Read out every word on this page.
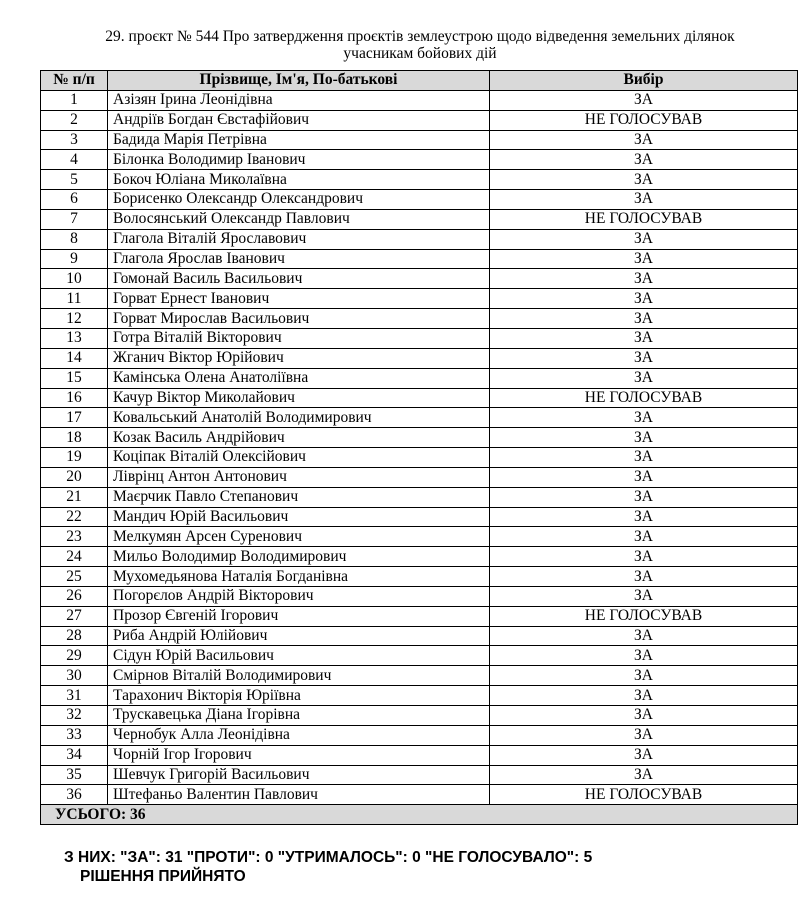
29. проєкт № 544 Про затвердження проєктів землеустрою щодо відведення земельних ділянок
учасникам бойових дій
№ п/п	Прізвище, Ім'я, По-батькові	Вибір
1	Азізян Ірина Леонідівна	ЗА
2	Андріїв Богдан Євстафійович	НЕ ГОЛОСУВАВ
3	Бадида Марія Петрівна	ЗА
4	Білонка Володимир Іванович	ЗА
5	Бокоч Юліана Миколаївна	ЗА
6	Борисенко Олександр Олександрович	ЗА
7	Волосянський Олександр Павлович	НЕ ГОЛОСУВАВ
8	Глагола Віталій Ярославович	ЗА
9	Глагола Ярослав Іванович	ЗА
10	Гомонай Василь Васильович	ЗА
11	Горват Ернест Іванович	ЗА
12	Горват Мирослав Васильович	ЗА
13	Готра Віталій Вікторович	ЗА
14	Жганич Віктор Юрійович	ЗА
15	Камінська Олена Анатоліївна	ЗА
16	Качур Віктор Миколайович	НЕ ГОЛОСУВАВ
17	Ковальський Анатолій Володимирович	ЗА
18	Козак Василь Андрійович	ЗА
19	Коціпак Віталій Олексійович	ЗА
20	Ліврінц Антон Антонович	ЗА
21	Маєрчик Павло Степанович	ЗА
22	Мандич Юрій Васильович	ЗА
23	Мелкумян Арсен Суренович	ЗА
24	Мильо Володимир Володимирович	ЗА
25	Мухомедьянова Наталія Богданівна	ЗА
26	Погорєлов Андрій Вікторович	ЗА
27	Прозор Євгеній Ігорович	НЕ ГОЛОСУВАВ
28	Риба Андрій Юлійович	ЗА
29	Сідун Юрій Васильович	ЗА
30	Смірнов Віталій Володимирович	ЗА
31	Тарахонич Вікторія Юріївна	ЗА
32	Трускавецька Діана Ігорівна	ЗА
33	Чернобук Алла Леонідівна	ЗА
34	Чорній Ігор Ігорович	ЗА
35	Шевчук Григорій Васильович	ЗА
36	Штефаньо Валентин Павлович	НЕ ГОЛОСУВАВ
УСЬОГО: 36		
З НИХ: "ЗА": 31 "ПРОТИ": 0 "УТРИМАЛОСЬ": 0 "НЕ ГОЛОСУВАЛО": 5
РІШЕННЯ ПРИЙНЯТО
